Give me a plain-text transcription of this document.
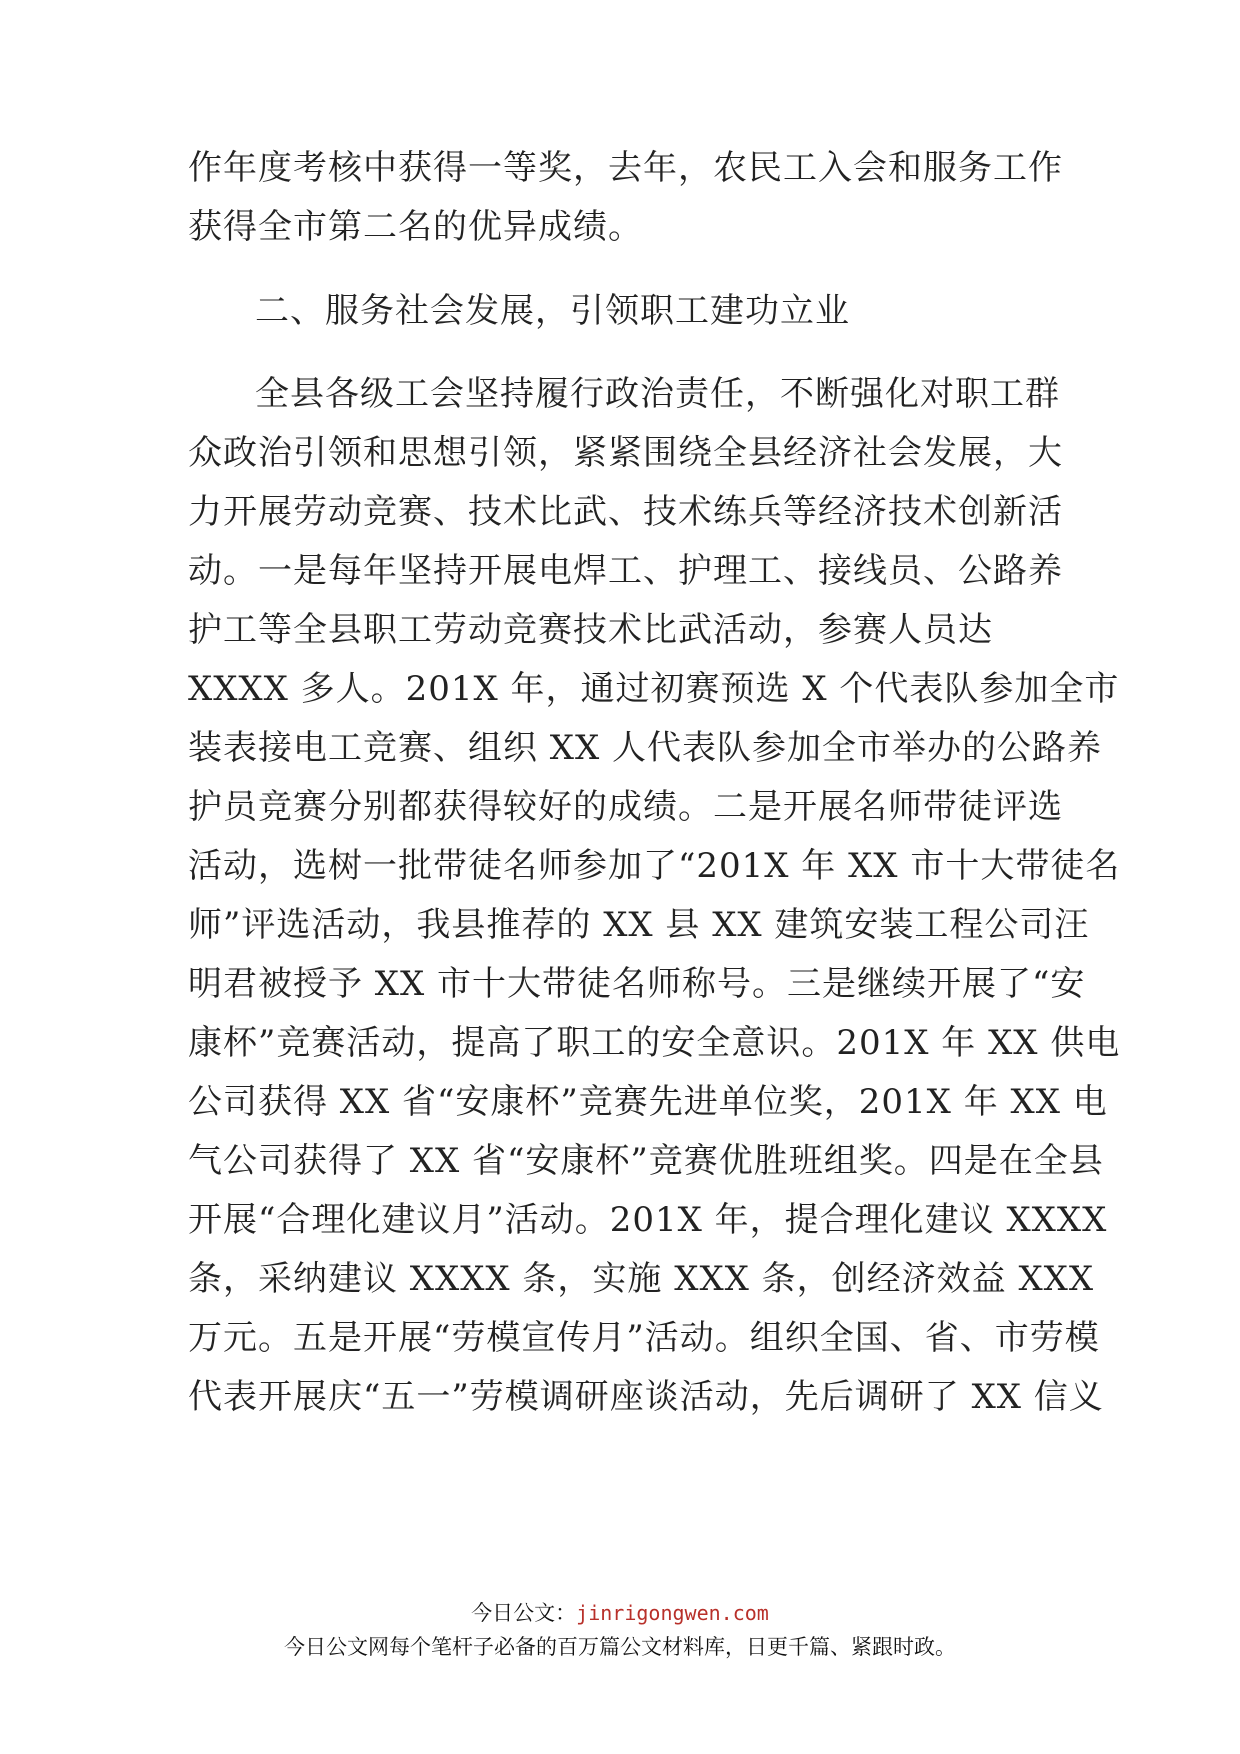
作年度考核中获得一等奖，去年，农民工入会和服务工作
获得全市第二名的优异成绩。
二、服务社会发展，引领职工建功立业
全县各级工会坚持履行政治责任，不断强化对职工群
众政治引领和思想引领，紧紧围绕全县经济社会发展，大
力开展劳动竞赛、技术比武、技术练兵等经济技术创新活
动。一是每年坚持开展电焊工、护理工、接线员、公路养
护工等全县职工劳动竞赛技术比武活动，参赛人员达
XXXX 多人。201X 年，通过初赛预选 X 个代表队参加全市
装表接电工竞赛、组织 XX 人代表队参加全市举办的公路养
护员竞赛分别都获得较好的成绩。二是开展名师带徒评选
活动，选树一批带徒名师参加了“201X 年 XX 市十大带徒名
师”评选活动，我县推荐的 XX 县 XX 建筑安装工程公司汪
明君被授予 XX 市十大带徒名师称号。三是继续开展了“安
康杯”竞赛活动，提高了职工的安全意识。201X 年 XX 供电
公司获得 XX 省“安康杯”竞赛先进单位奖，201X 年 XX 电
气公司获得了 XX 省“安康杯”竞赛优胜班组奖。四是在全县
开展“合理化建议月”活动。201X 年，提合理化建议 XXXX
条，采纳建议 XXXX 条，实施 XXX 条，创经济效益 XXX
万元。五是开展“劳模宣传月”活动。组织全国、省、市劳模
代表开展庆“五一”劳模调研座谈活动，先后调研了 XX 信义
今日公文：jinrigongwen.com
今日公文网每个笔杆子必备的百万篇公文材料库，日更千篇、紧跟时政。
